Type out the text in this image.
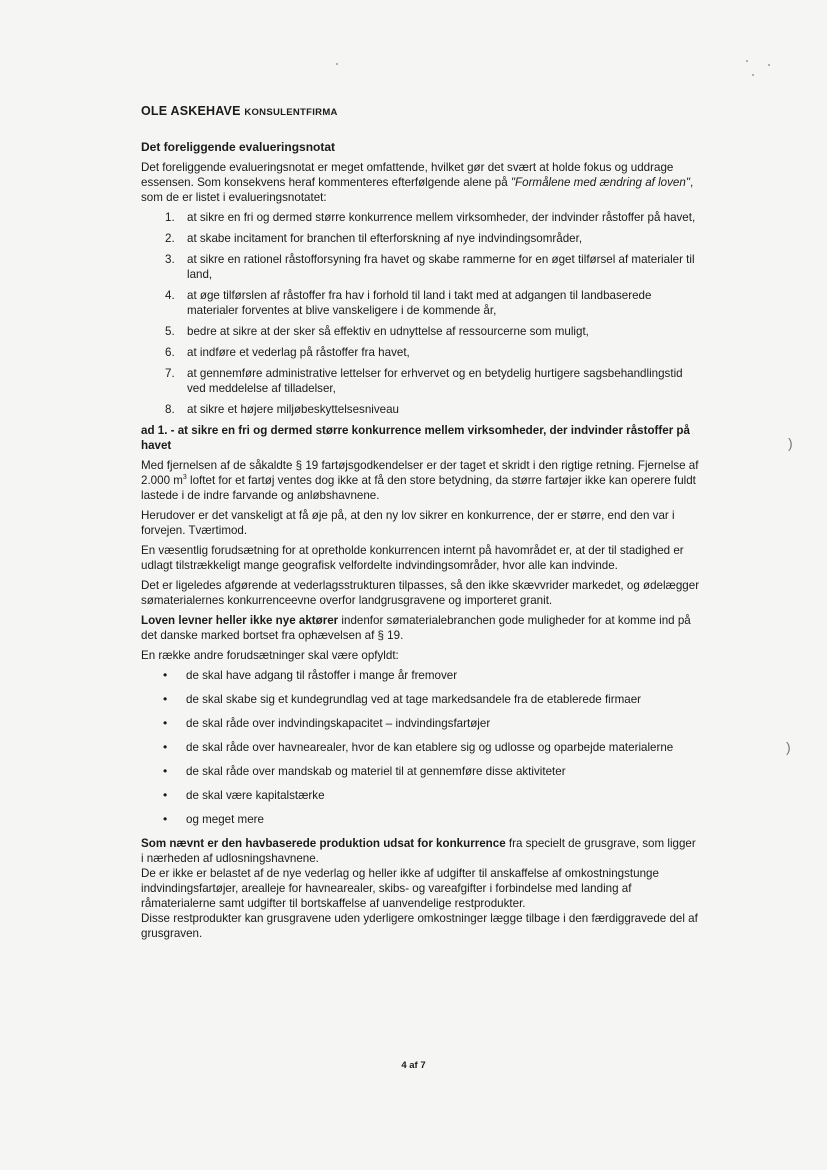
OLE ASKEHAVE KONSULENTFIRMA
Det foreliggende evalueringsnotat

Det foreliggende evalueringsnotat er meget omfattende, hvilket gør det svært at holde fokus og uddrage essensen. Som konsekvens heraf kommenteres efterfølgende alene på "Formålene med ændring af loven", som de er listet i evalueringsnotatet:

1. at sikre en fri og dermed større konkurrence mellem virksomheder, der indvinder råstoffer på havet,
2. at skabe incitament for branchen til efterforskning af nye indvindingsområder,
3. at sikre en rationel råstofforsyning fra havet og skabe rammerne for en øget tilførsel af materialer til land,
4. at øge tilførslen af råstoffer fra hav i forhold til land i takt med at adgangen til landbaserede materialer forventes at blive vanskeligere i de kommende år,
5. bedre at sikre at der sker så effektiv en udnyttelse af ressourcerne som muligt,
6. at indføre et vederlag på råstoffer fra havet,
7. at gennemføre administrative lettelser for erhvervet og en betydelig hurtigere sagsbehandlingstid ved meddelelse af tilladelser,
8. at sikre et højere miljøbeskyttelsesniveau
ad 1. - at sikre en fri og dermed større konkurrence mellem virksomheder, der indvinder råstoffer på havet

Med fjernelsen af de såkaldte § 19 fartøjsgodkendelser er der taget et skridt i den rigtige retning. Fjernelse af 2.000 $m^3$ loftet for et fartøj ventes dog ikke at få den store betydning, da større fartøjer ikke kan operere fuldt lastede i de indre farvande og anløbshavnene.

Herudover er det vanskeligt at få øje på, at den ny lov sikrer en konkurrence, der er større, end den var i forvejen. Tværtimod.

En væsentlig forudsætning for at opretholde konkurrencen internt på havområdet er, at der til stadighed er udlagt tilstrækkeligt mange geografisk velfordelte indvindingsområder, hvor alle kan indvinde.

Det er ligeledes afgørende at vederlagsstrukturen tilpasses, så den ikke skævvrider markedet, og ødelægger sømaterialernes konkurrenceevne overfor landgrusgravene og importeret granit.

Loven levner heller ikke nye aktører indenfor sømaterialebranchen gode muligheder for at komme ind på det danske marked bortset fra ophævelsen af § 19.

En række andre forudsætninger skal være opfyldt:

• de skal have adgang til råstoffer i mange år fremover
• de skal skabe sig et kundegrundlag ved at tage markedsandele fra de etablerede firmaer
• de skal råde over indvindingskapacitet – indvindingsfartøjer
• de skal råde over havnearealer, hvor de kan etablere sig og udlosse og oparbejde materialerne
• de skal råde over mandskab og materiel til at gennemføre disse aktiviteter
• de skal være kapitalstærke
• og meget mere

Som nævnt er den havbaserede produktion udsat for konkurrence fra specielt de grusgrave, som ligger i nærheden af udlosningshavnene.

De er ikke er belastet af de nye vederlag og heller ikke af udgifter til anskaffelse af omkostningstunge indvindingsfartøjer, arealleje for havnearealer, skibs- og vareafgifter i forbindelse med landing af råmaterialerne samt udgifter til bortskaffelse af uanvendelige restprodukter.

Disse restprodukter kan grusgravene uden yderligere omkostninger lægge tilbage i den færdiggravede del af grusgraven.

4 af 7
)
)
